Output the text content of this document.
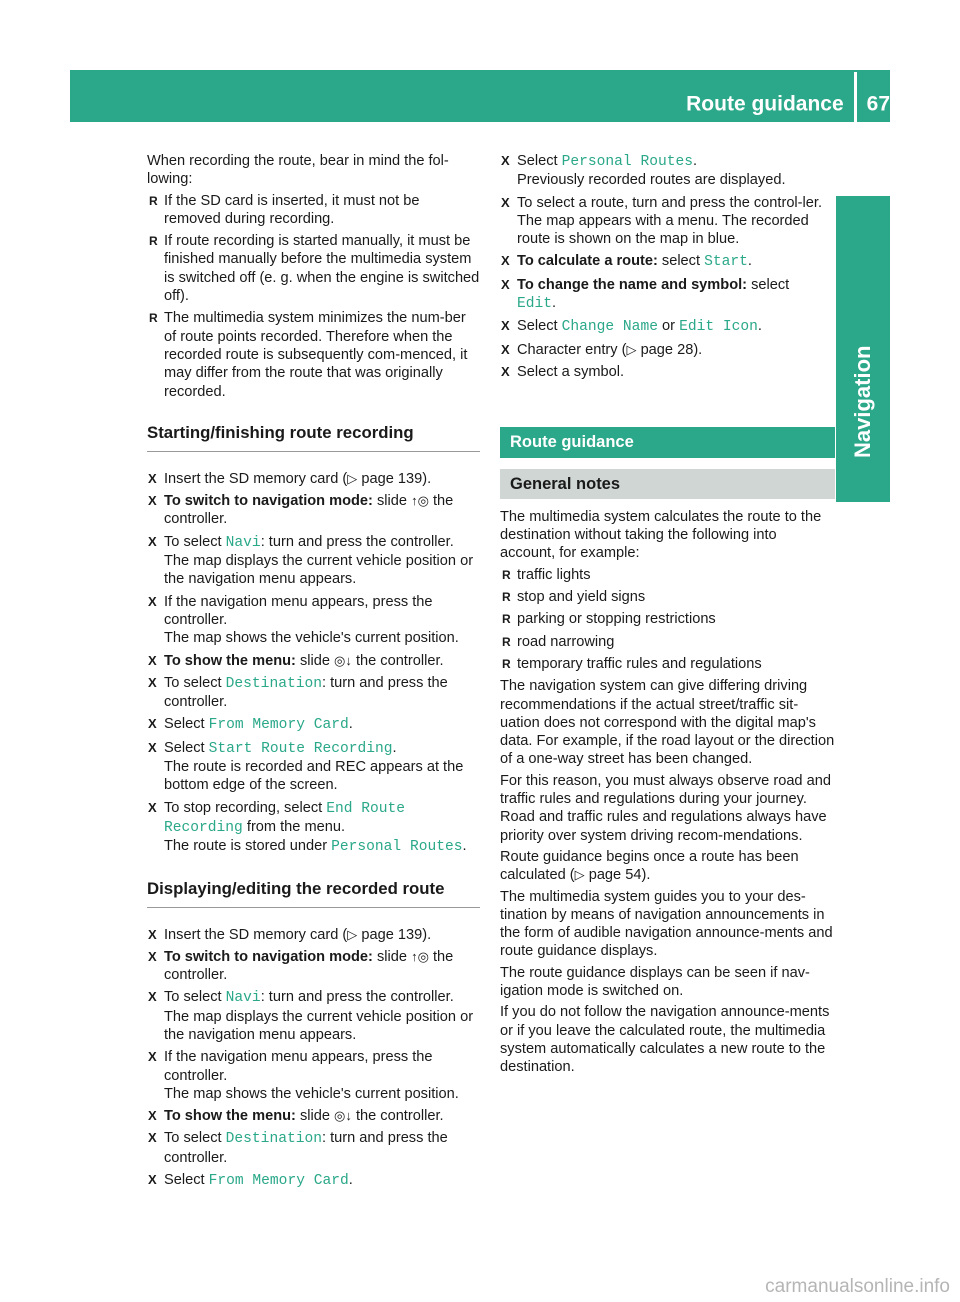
Route guidance 67
Navigation

When recording the route, bear in mind the fol-lowing:

R If the SD card is inserted, it must not be removed during recording.
R If route recording is started manually, it must be finished manually before the multimedia system is switched off (e. g. when the engine is switched off).
R The multimedia system minimizes the num-ber of route points recorded. Therefore when the recorded route is subsequently com-menced, it may differ from the route that was originally recorded.
Starting/finishing route recording
X Insert the SD memory card (▷ page 139).
X To switch to navigation mode: slide ↑◎ the controller.
X To select Navi: turn and press the controller.
The map displays the current vehicle position or the navigation menu appears.
X If the navigation menu appears, press the controller.
The map shows the vehicle's current position.
X To show the menu: slide ◎↓ the controller.
X To select Destination: turn and press the controller.
X Select From Memory Card.
X Select Start Route Recording.
The route is recorded and REC appears at the bottom edge of the screen.
X To stop recording, select End Route
Recording from the menu.
The route is stored under Personal Routes.
Displaying/editing the recorded route
X Insert the SD memory card (▷ page 139).
X To switch to navigation mode: slide ↑◎ the controller.
X To select Navi: turn and press the controller.
The map displays the current vehicle position or the navigation menu appears.
X If the navigation menu appears, press the controller.
The map shows the vehicle's current position.
X To show the menu: slide ◎↓ the controller.
X To select Destination: turn and press the controller.
X Select From Memory Card.
X Select Personal Routes.
Previously recorded routes are displayed.
X To select a route, turn and press the control-ler.
The map appears with a menu. The recorded route is shown on the map in blue.
X To calculate a route: select Start.
X To change the name and symbol: select
Edit.
X Select Change Name or Edit Icon.
X Character entry (▷ page 28).
X Select a symbol.
Route guidance
General notes

The multimedia system calculates the route to the destination without taking the following into account, for example:

R traffic lights
R stop and yield signs
R parking or stopping restrictions
R road narrowing
R temporary traffic rules and regulations

The navigation system can give differing driving recommendations if the actual street/traffic sit-uation does not correspond with the digital map's data. For example, if the road layout or the direction of a one-way street has been changed.

For this reason, you must always observe road and traffic rules and regulations during your journey. Road and traffic rules and regulations always have priority over system driving recom-mendations.

Route guidance begins once a route has been calculated (▷ page 54).

The multimedia system guides you to your des-tination by means of navigation announcements in the form of audible navigation announce-ments and route guidance displays.

The route guidance displays can be seen if nav-igation mode is switched on.

If you do not follow the navigation announce-ments or if you leave the calculated route, the multimedia system automatically calculates a new route to the destination.

carmanualsonline.info
